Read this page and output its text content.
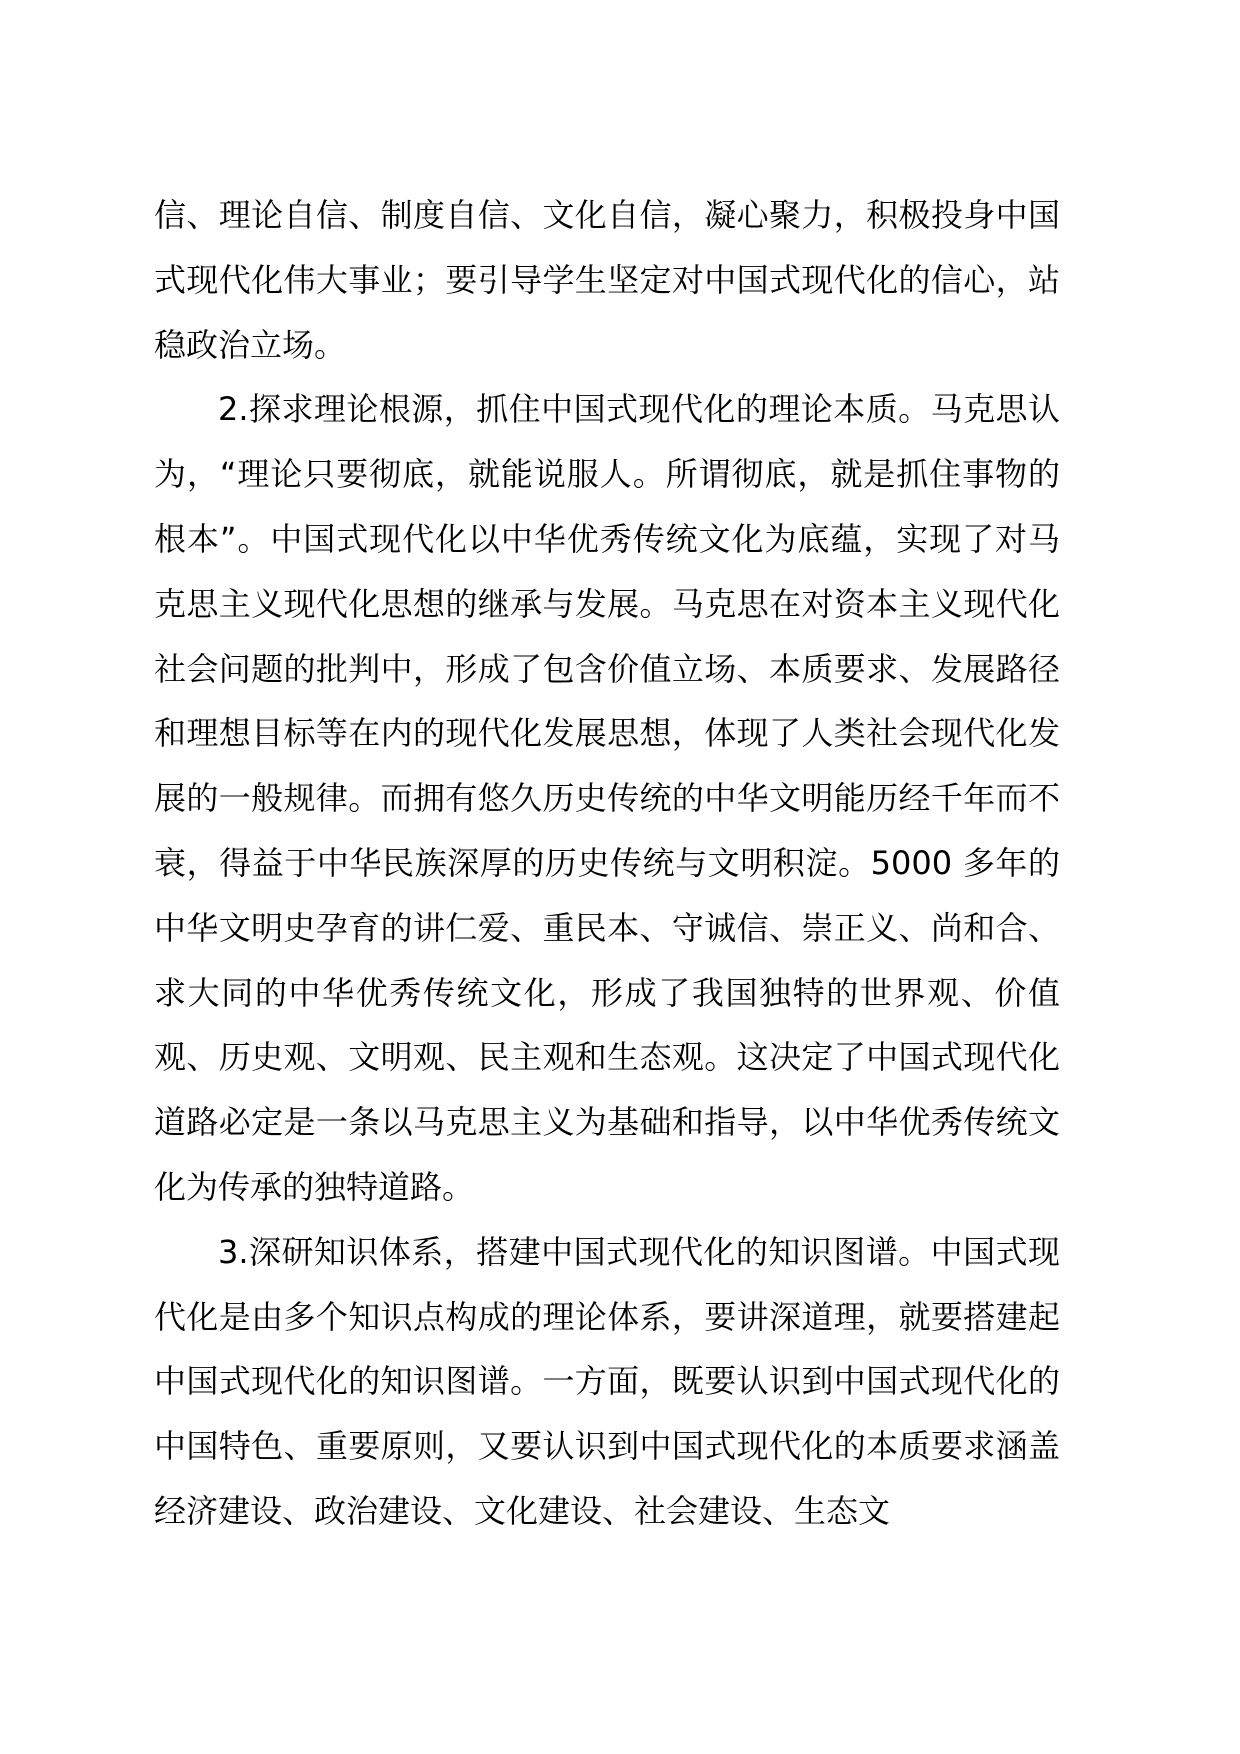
信、理论自信、制度自信、文化自信，凝心聚力，积极投身中国式现代化伟大事业；要引导学生坚定对中国式现代化的信心，站稳政治立场。

2.探求理论根源，抓住中国式现代化的理论本质。马克思认为，“理论只要彻底，就能说服人。所谓彻底，就是抓住事物的根本”。中国式现代化以中华优秀传统文化为底蕴，实现了对马克思主义现代化思想的继承与发展。马克思在对资本主义现代化社会问题的批判中，形成了包含价值立场、本质要求、发展路径和理想目标等在内的现代化发展思想，体现了人类社会现代化发展的一般规律。而拥有悠久历史传统的中华文明能历经千年而不衰，得益于中华民族深厚的历史传统与文明积淀。5000 多年的中华文明史孕育的讲仁爱、重民本、守诚信、崇正义、尚和合、求大同的中华优秀传统文化，形成了我国独特的世界观、价值观、历史观、文明观、民主观和生态观。这决定了中国式现代化道路必定是一条以马克思主义为基础和指导，以中华优秀传统文化为传承的独特道路。

3.深研知识体系，搭建中国式现代化的知识图谱。中国式现代化是由多个知识点构成的理论体系，要讲深道理，就要搭建起中国式现代化的知识图谱。一方面，既要认识到中国式现代化的中国特色、重要原则，又要认识到中国式现代化的本质要求涵盖经济建设、政治建设、文化建设、社会建设、生态文
